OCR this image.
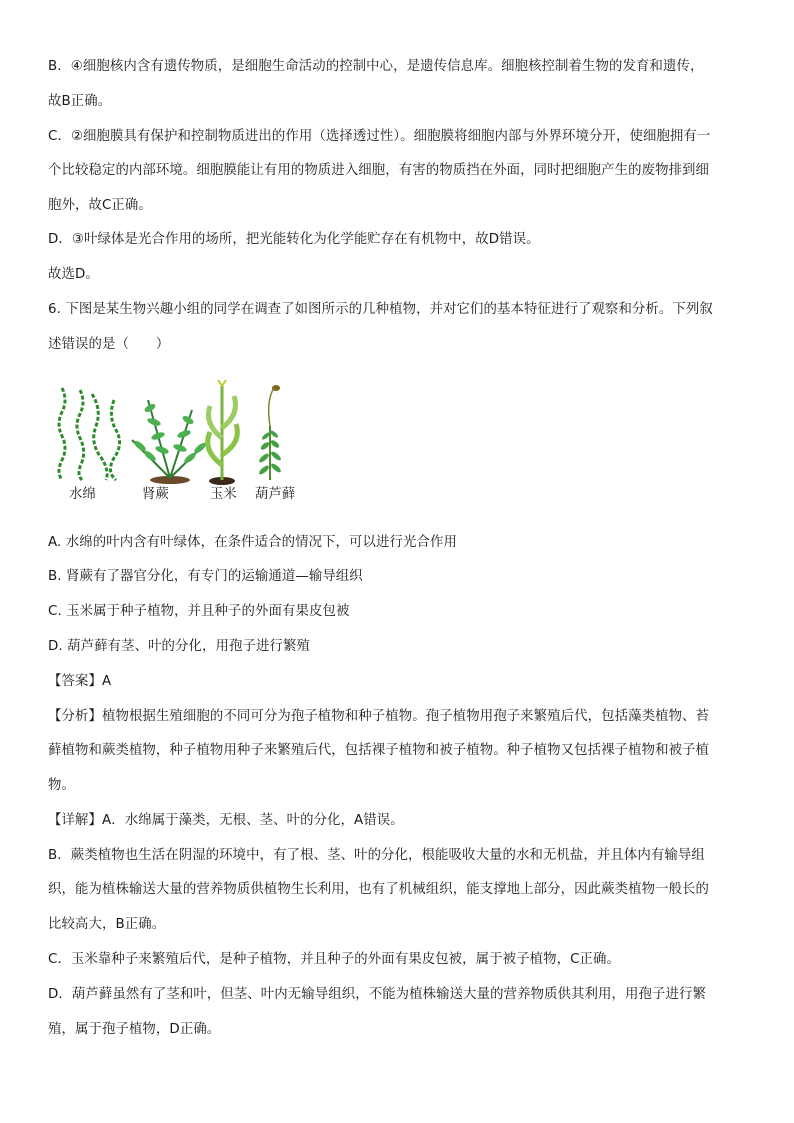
B．④细胞核内含有遗传物质，是细胞生命活动的控制中心，是遗传信息库。细胞核控制着生物的发育和遗传，
故B正确。
C．②细胞膜具有保护和控制物质进出的作用（选择透过性）。细胞膜将细胞内部与外界环境分开，使细胞拥有一
个比较稳定的内部环境。细胞膜能让有用的物质进入细胞，有害的物质挡在外面，同时把细胞产生的废物排到细
胞外，故C正确。
D．③叶绿体是光合作用的场所，把光能转化为化学能贮存在有机物中，故D错误。
故选D。
6. 下图是某生物兴趣小组的同学在调查了如图所示的几种植物，并对它们的基本特征进行了观察和分析。下列叙
述错误的是（　　）
水绵	肾蕨	玉米 葫芦藓
A. 水绵的叶内含有叶绿体，在条件适合的情况下，可以进行光合作用
B. 肾蕨有了器官分化，有专门的运输通道—输导组织
C. 玉米属于种子植物，并且种子的外面有果皮包被
D. 葫芦藓有茎、叶的分化，用孢子进行繁殖
【答案】A
【分析】植物根据生殖细胞的不同可分为孢子植物和种子植物。孢子植物用孢子来繁殖后代，包括藻类植物、苔
藓植物和蕨类植物，种子植物用种子来繁殖后代，包括裸子植物和被子植物。种子植物又包括裸子植物和被子植
物。
【详解】A．水绵属于藻类，无根、茎、叶的分化，A错误。
B．蕨类植物也生活在阴湿的环境中，有了根、茎、叶的分化，根能吸收大量的水和无机盐，并且体内有输导组
织，能为植株输送大量的营养物质供植物生长利用，也有了机械组织，能支撑地上部分，因此蕨类植物一般长的
比较高大，B正确。
C．玉米靠种子来繁殖后代，是种子植物，并且种子的外面有果皮包被，属于被子植物，C正确。
D．葫芦藓虽然有了茎和叶，但茎、叶内无输导组织，不能为植株输送大量的营养物质供其利用，用孢子进行繁
殖，属于孢子植物，D正确。
